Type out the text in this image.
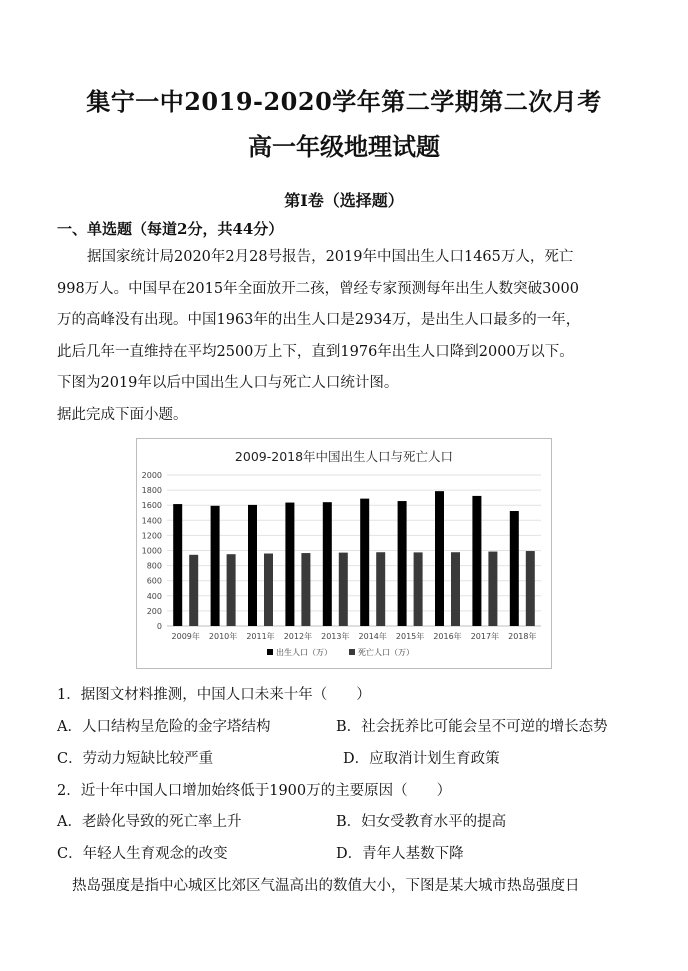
集宁一中2019-2020学年第二学期第二次月考
高一年级地理试题
第Ⅰ卷（选择题）
一、单选题（每道2分，共44分）

据国家统计局2020年2月28号报告，2019年中国出生人口1465万人，死亡

998万人。中国早在2015年全面放开二孩，曾经专家预测每年出生人数突破3000

万的高峰没有出现。中国1963年的出生人口是2934万，是出生人口最多的一年，

此后几年一直维持在平均2500万上下，直到1976年出生人口降到2000万以下。

下图为2019年以后中国出生人口与死亡人口统计图。

据此完成下面小题。

2009-2018年中国出生人口与死亡人口
0
200
400
600
800
1000
1200
1400
1600
1800
2000
2009年 2010年 2011年 2012年 2013年 2014年 2015年 2016年 2017年 2018年
出生人口（万）	死亡人口（万）
1．据图文材料推测，中国人口未来十年（　　）
A．人口结构呈危险的金字塔结构	B．社会抚养比可能会呈不可逆的增长态势
C．劳动力短缺比较严重	D．应取消计划生育政策
2．近十年中国人口增加始终低于1900万的主要原因（　　）
A．老龄化导致的死亡率上升	B．妇女受教育水平的提高
C．年轻人生育观念的改变	D．青年人基数下降
热岛强度是指中心城区比郊区气温高出的数值大小，下图是某大城市热岛强度日
